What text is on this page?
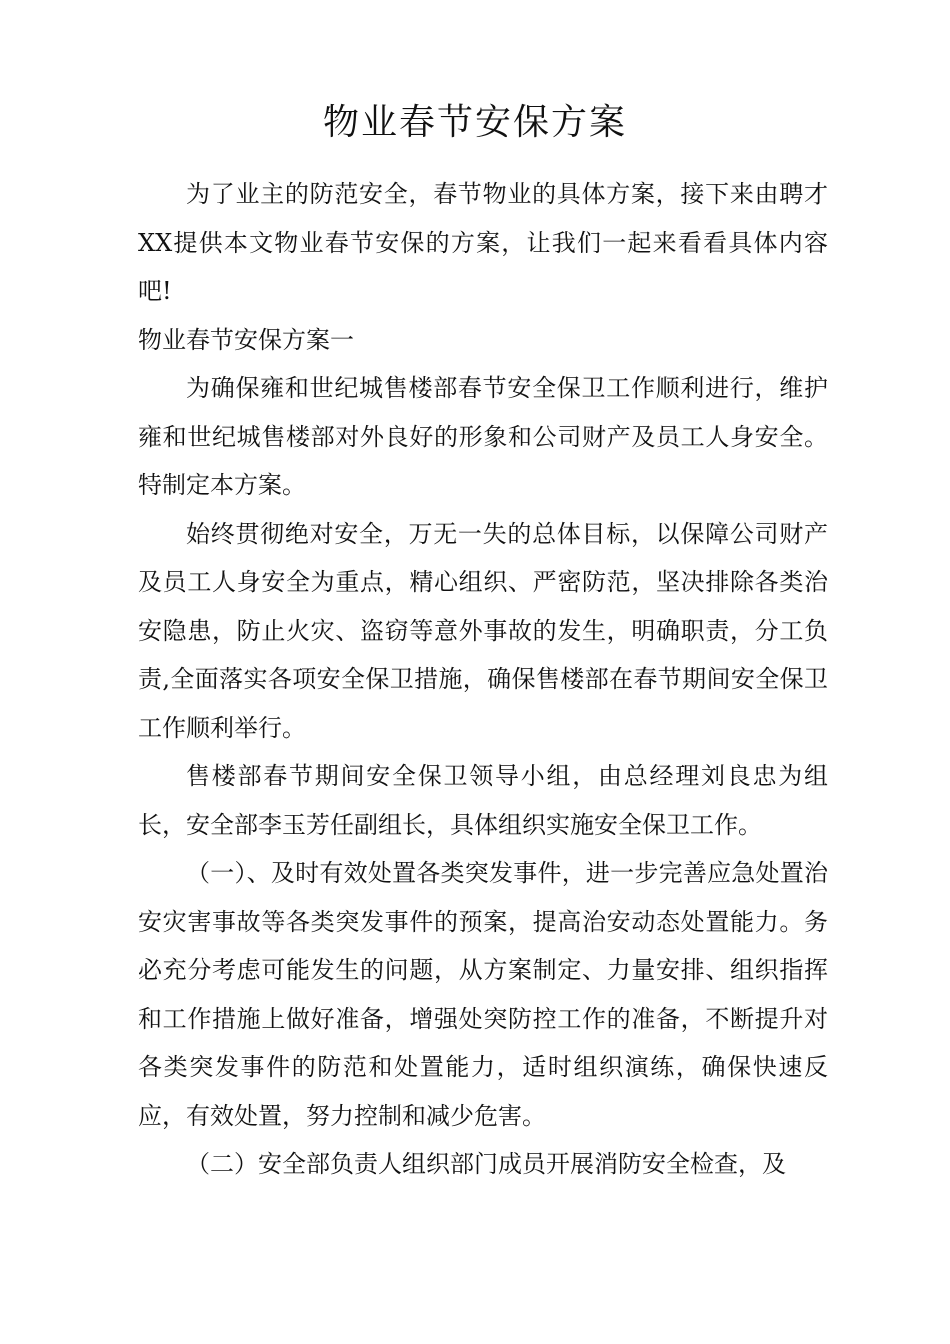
物业春节安保方案

为了业主的防范安全，春节物业的具体方案，接下来由聘才XX提供本文物业春节安保的方案，让我们一起来看看具体内容吧!

物业春节安保方案一

为确保雍和世纪城售楼部春节安全保卫工作顺利进行，维护雍和世纪城售楼部对外良好的形象和公司财产及员工人身安全。特制定本方案。

始终贯彻绝对安全，万无一失的总体目标，以保障公司财产及员工人身安全为重点，精心组织、严密防范，坚决排除各类治安隐患，防止火灾、盗窃等意外事故的发生，明确职责，分工负责,全面落实各项安全保卫措施，确保售楼部在春节期间安全保卫工作顺利举行。

售楼部春节期间安全保卫领导小组，由总经理刘良忠为组长，安全部李玉芳任副组长，具体组织实施安全保卫工作。

（一）、及时有效处置各类突发事件，进一步完善应急处置治安灾害事故等各类突发事件的预案，提高治安动态处置能力。务必充分考虑可能发生的问题，从方案制定、力量安排、组织指挥和工作措施上做好准备，增强处突防控工作的准备，不断提升对各类突发事件的防范和处置能力，适时组织演练，确保快速反应，有效处置，努力控制和减少危害。

（二）安全部负责人组织部门成员开展消防安全检查，及
